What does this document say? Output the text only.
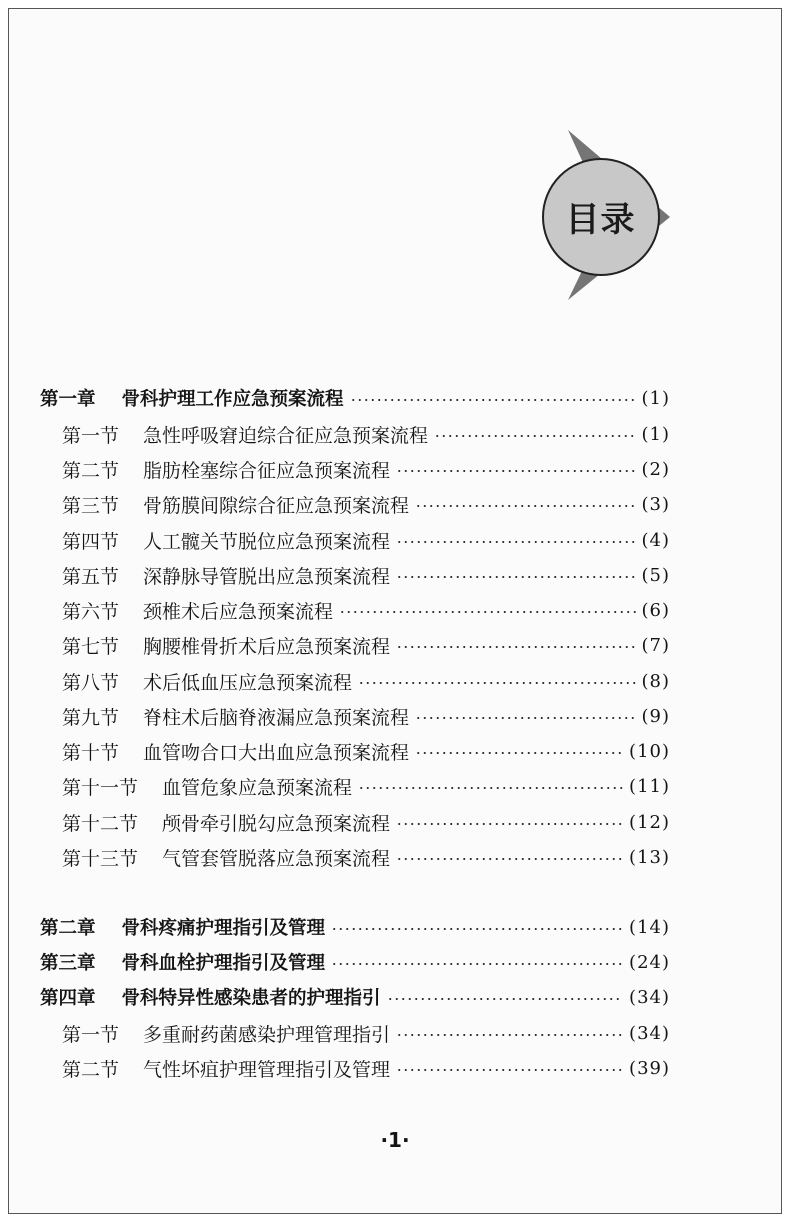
目录
第一章 骨科护理工作应急预案流程	(1)
第一节 急性呼吸窘迫综合征应急预案流程	(1)
第二节 脂肪栓塞综合征应急预案流程	(2)
第三节 骨筋膜间隙综合征应急预案流程	(3)
第四节 人工髋关节脱位应急预案流程	(4)
第五节 深静脉导管脱出应急预案流程	(5)
第六节 颈椎术后应急预案流程	(6)
第七节 胸腰椎骨折术后应急预案流程	(7)
第八节 术后低血压应急预案流程	(8)
第九节 脊柱术后脑脊液漏应急预案流程	(9)
第十节 血管吻合口大出血应急预案流程	(10)
第十一节 血管危象应急预案流程	(11)
第十二节 颅骨牵引脱勾应急预案流程	(12)
第十三节 气管套管脱落应急预案流程	(13)
第二章 骨科疼痛护理指引及管理	(14)
第三章 骨科血栓护理指引及管理	(24)
第四章 骨科特异性感染患者的护理指引	(34)
第一节 多重耐药菌感染护理管理指引	(34)
第二节 气性坏疽护理管理指引及管理	(39)
·1·
